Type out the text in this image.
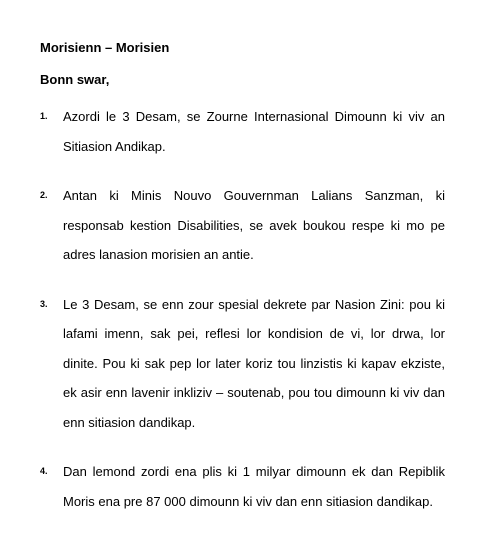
Morisienn – Morisien

Bonn swar,

1. Azordi le 3 Desam, se Zourne Internasional Dimounn ki viv an Sitiasion Andikap.

2. Antan ki Minis Nouvo Gouvernman Lalians Sanzman, ki responsab kestion Disabilities, se avek boukou respe ki mo pe adres lanasion morisien an antie.

3. Le 3 Desam, se enn zour spesial dekrete par Nasion Zini: pou ki lafami imenn, sak pei, reflesi lor kondision de vi, lor drwa, lor dinite. Pou ki sak pep lor later koriz tou linzistis ki kapav ekziste, ek asir enn lavenir inkliziv – soutenab, pou tou dimounn ki viv dan enn sitiasion dandikap.

4. Dan lemond zordi ena plis ki 1 milyar dimounn ek dan Repiblik Moris ena pre 87 000 dimounn ki viv dan enn sitiasion dandikap.
